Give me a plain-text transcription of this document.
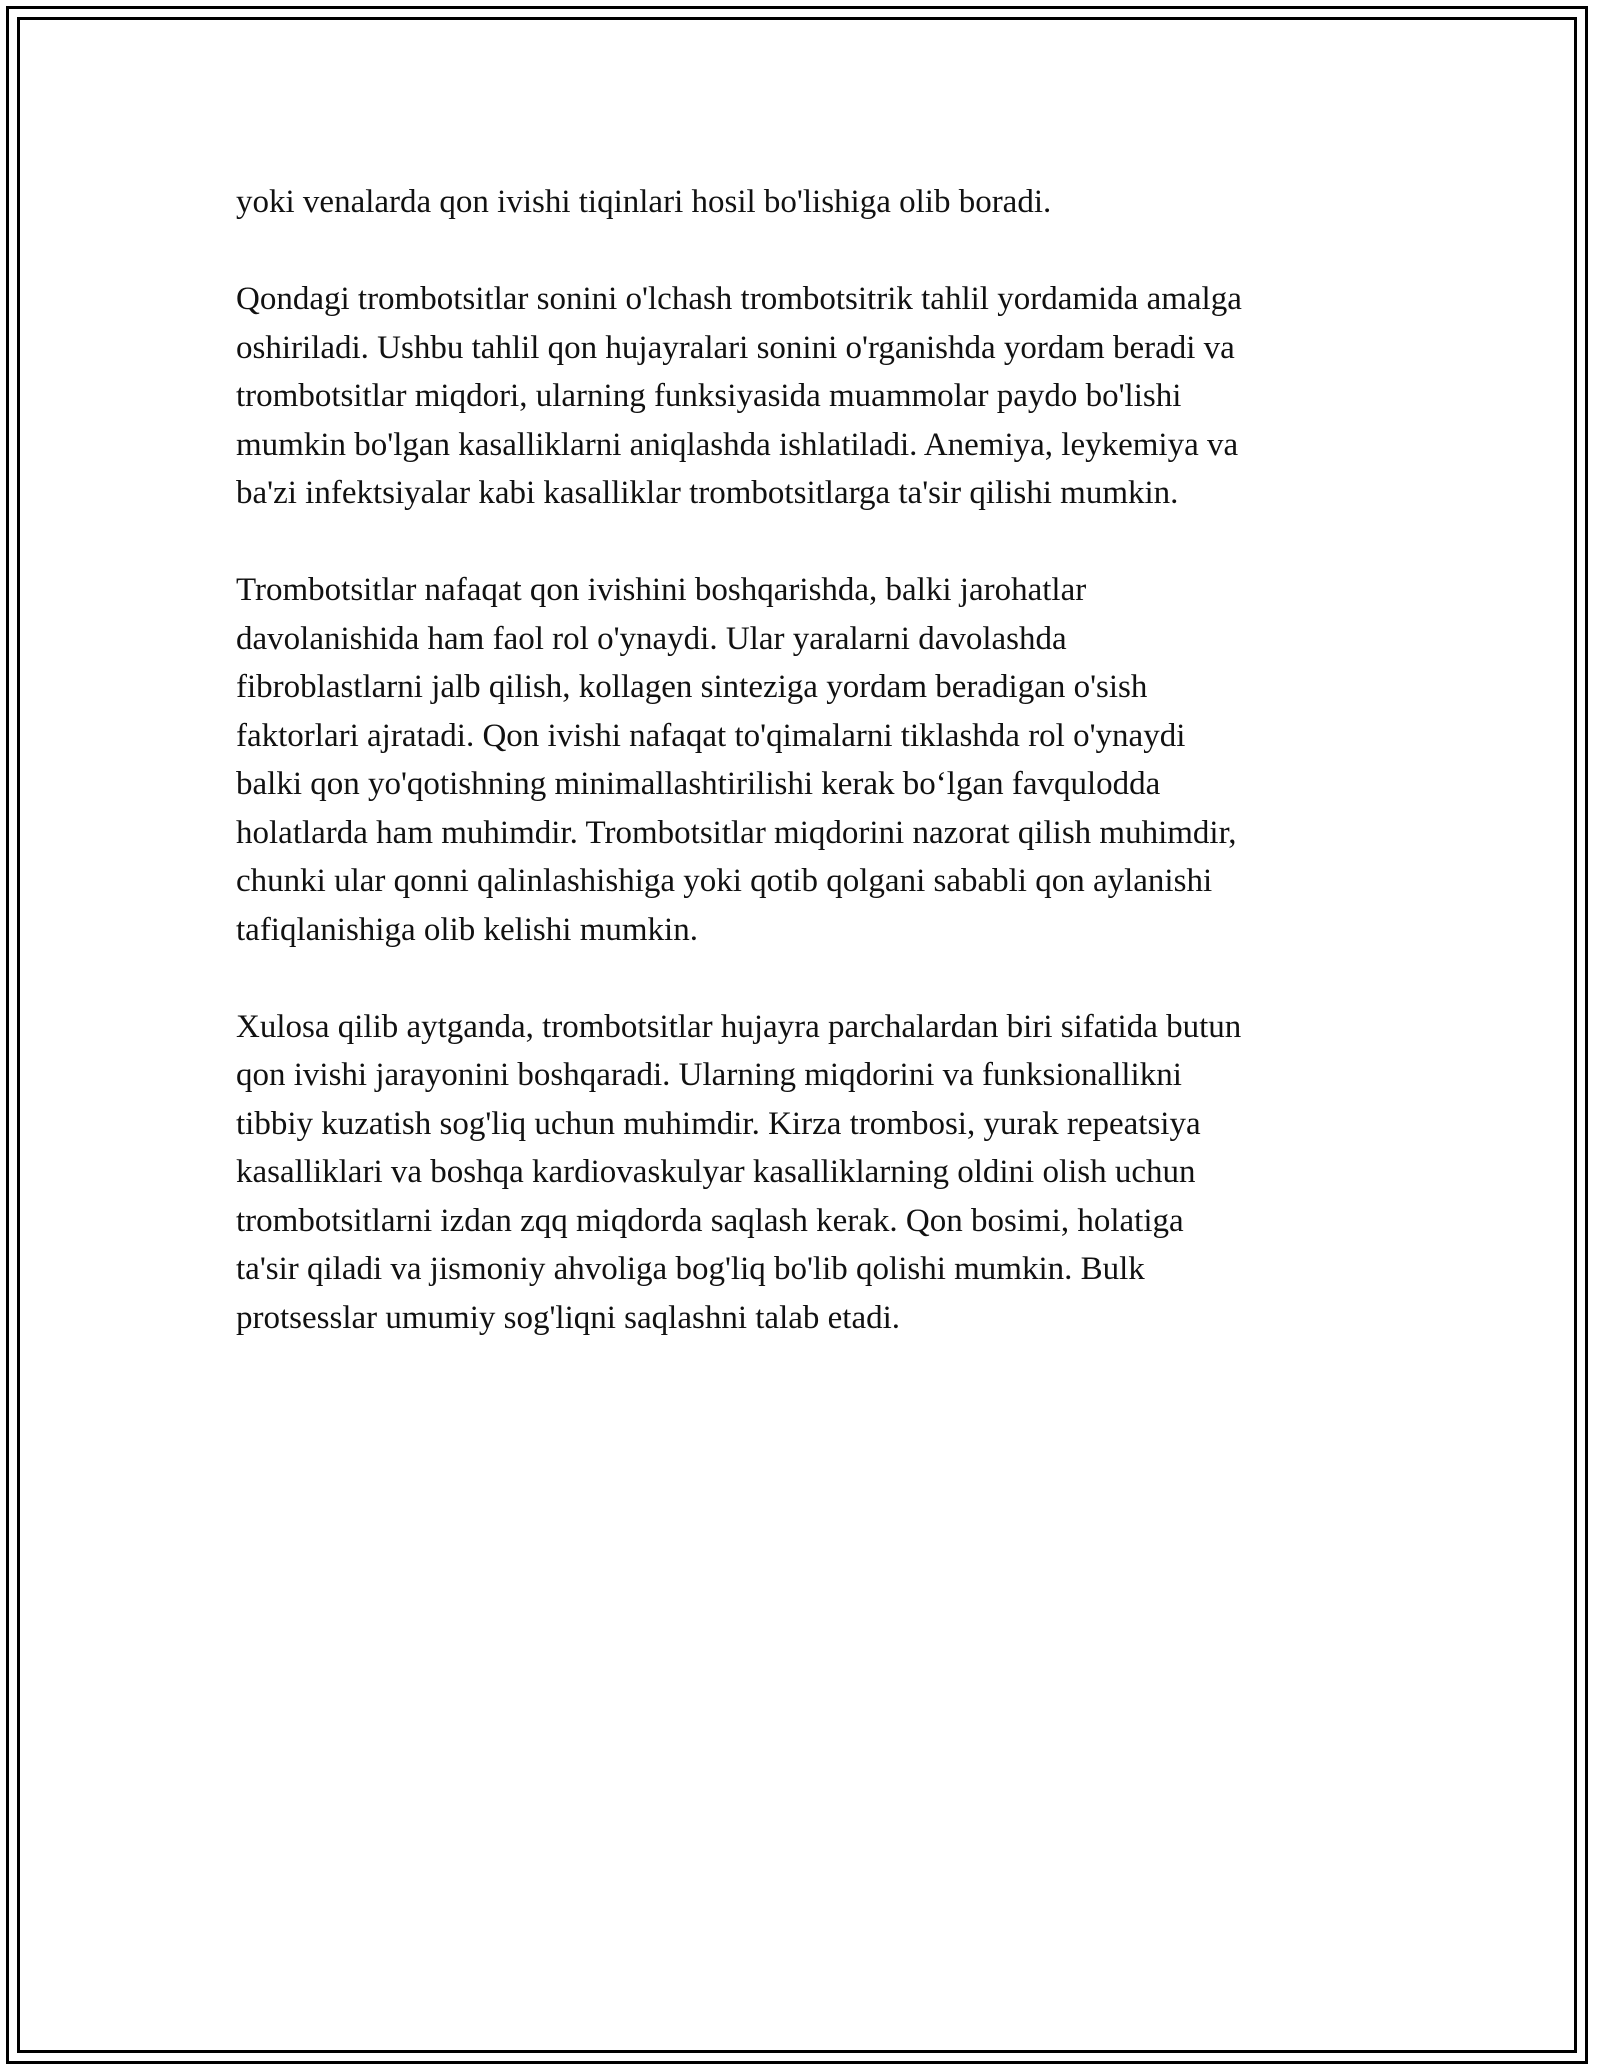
yoki venalarda qon ivishi tiqinlari hosil bo'lishiga olib boradi.

Qondagi trombotsitlar sonini o'lchash trombotsitrik tahlil yordamida amalga
oshiriladi. Ushbu tahlil qon hujayralari sonini o'rganishda yordam beradi va
trombotsitlar miqdori, ularning funksiyasida muammolar paydo bo'lishi
mumkin bo'lgan kasalliklarni aniqlashda ishlatiladi. Anemiya, leykemiya va
ba'zi infektsiyalar kabi kasalliklar trombotsitlarga ta'sir qilishi mumkin.

Trombotsitlar nafaqat qon ivishini boshqarishda, balki jarohatlar
davolanishida ham faol rol o'ynaydi. Ular yaralarni davolashda
fibroblastlarni jalb qilish, kollagen sinteziga yordam beradigan o'sish
faktorlari ajratadi. Qon ivishi nafaqat to'qimalarni tiklashda rol o'ynaydi
balki qon yo'qotishning minimallashtirilishi kerak bo‘lgan favqulodda
holatlarda ham muhimdir. Trombotsitlar miqdorini nazorat qilish muhimdir,
chunki ular qonni qalinlashishiga yoki qotib qolgani sababli qon aylanishi
tafiqlanishiga olib kelishi mumkin.

Xulosa qilib aytganda, trombotsitlar hujayra parchalardan biri sifatida butun
qon ivishi jarayonini boshqaradi. Ularning miqdorini va funksionallikni
tibbiy kuzatish sog'liq uchun muhimdir. Kirza trombosi, yurak repeatsiya
kasalliklari va boshqa kardiovaskulyar kasalliklarning oldini olish uchun
trombotsitlarni izdan zqq miqdorda saqlash kerak. Qon bosimi, holatiga
ta'sir qiladi va jismoniy ahvoliga bog'liq bo'lib qolishi mumkin. Bulk
protsesslar umumiy sog'liqni saqlashni talab etadi.
